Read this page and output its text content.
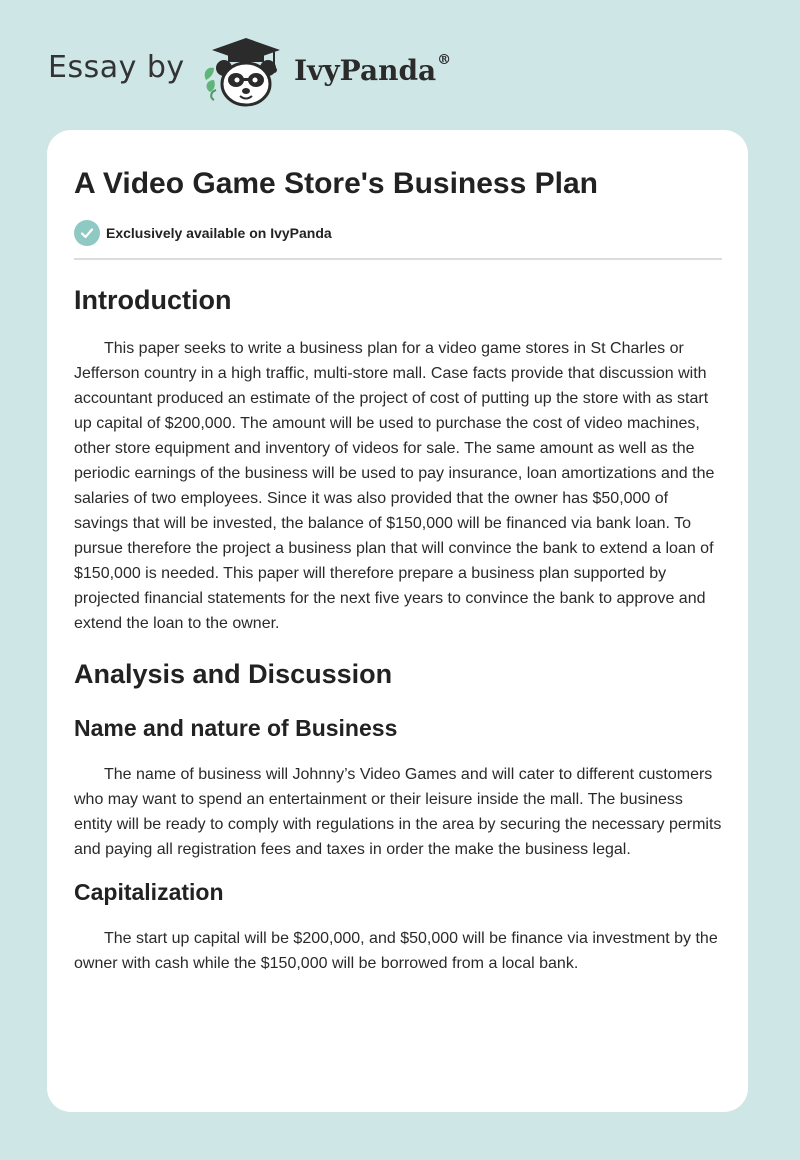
Essay by	IvyPanda®
A Video Game Store's Business Plan
Exclusively available on IvyPanda
Introduction

This paper seeks to write a business plan for a video game stores in St Charles or Jefferson country in a high traffic, multi-store mall. Case facts provide that discussion with accountant produced an estimate of the project of cost of putting up the store with as start up capital of $200,000. The amount will be used to purchase the cost of video machines, other store equipment and inventory of videos for sale. The same amount as well as the periodic earnings of the business will be used to pay insurance, loan amortizations and the salaries of two employees. Since it was also provided that the owner has $50,000 of savings that will be invested, the balance of $150,000 will be financed via bank loan. To pursue therefore the project a business plan that will convince the bank to extend a loan of $150,000 is needed. This paper will therefore prepare a business plan supported by projected financial statements for the next five years to convince the bank to approve and extend the loan to the owner.

Analysis and Discussion
Name and nature of Business

The name of business will Johnny’s Video Games and will cater to different customers who may want to spend an entertainment or their leisure inside the mall. The business entity will be ready to comply with regulations in the area by securing the necessary permits and paying all registration fees and taxes in order the make the business legal.

Capitalization

The start up capital will be $200,000, and $50,000 will be finance via investment by the owner with cash while the $150,000 will be borrowed from a local bank.
